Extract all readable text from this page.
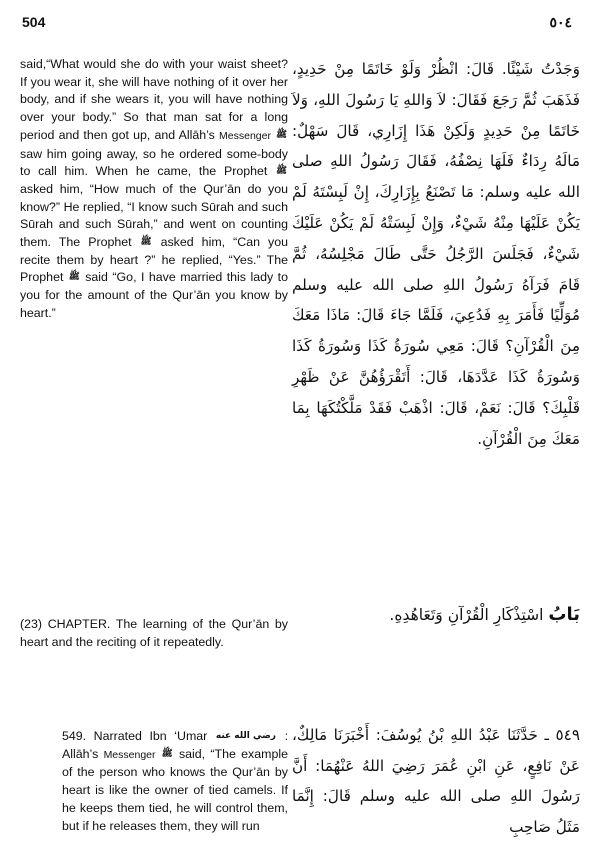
504	٥٠٤
said,“What would she do with your waist sheet? If you wear it, she will have nothing of it over her body, and if she wears it, you will have nothing over your body.” So that man sat for a long period and then got up, and Allāh’s Messenger ﷺ saw him going away, so he ordered some-body to call him. When he came, the Prophet ﷺ asked him, “How much of the Qur’ān do you know?” He replied, “I know such Sūrah and such Sūrah and such Sūrah,” and went on counting them. The Prophet ﷺ asked him, “Can you recite them by heart ?” he replied, “Yes.” The Prophet ﷺ said “Go, I have married this lady to you for the amount of the Qur’ān you know by heart.”
وَجَدْتُ شَيْئًا. قَالَ: انْظُرْ وَلَوْ خَاتَمًا مِنْ حَدِيدٍ، فَذَهَبَ ثُمَّ رَجَعَ فَقَالَ: لاَ وَاللهِ يَا رَسُولَ اللهِ، وَلاَ خَاتَمًا مِنْ حَدِيدٍ وَلَكِنْ هَذَا إِزَارِي، قَالَ سَهْلٌ: مَالَهُ رِدَاءٌ فَلَهَا نِصْفُهُ، فَقَالَ رَسُولُ اللهِ صلى الله عليه وسلم: مَا تَصْنَعُ بِإِزَارِكَ، إِنْ لَبِسْتَهُ لَمْ يَكُنْ عَلَيْهَا مِنْهُ شَيْءٌ، وَإِنْ لَبِسَتْهُ لَمْ يَكُنْ عَلَيْكَ شَيْءٌ، فَجَلَسَ الرَّجُلُ حَتَّى طَالَ مَجْلِسُهُ، ثُمَّ قَامَ فَرَآهُ رَسُولُ اللهِ صلى الله عليه وسلم مُوَلِّيًا فَأَمَرَ بِهِ فَدُعِيَ، فَلَمَّا جَاءَ قَالَ: مَاذَا مَعَكَ مِنَ الْقُرْآنِ؟ قَالَ: مَعِي سُورَةُ كَذَا وَسُورَةُ كَذَا وَسُورَةُ كَذَا عَدَّدَهَا، قَالَ: أَتَقْرَؤُهُنَّ عَنْ ظَهْرِ قَلْبِكَ؟ قَالَ: نَعَمْ، قَالَ: اذْهَبْ فَقَدْ مَلَّكْتُكَهَا بِمَا مَعَكَ مِنَ الْقُرْآنِ.
(23) CHAPTER. The learning of the Qur’ān by heart and the reciting of it repeatedly.
بَابُ اسْتِذْكَارِ الْقُرْآنِ وَتَعَاهُدِهِ.
549. Narrated Ibn ‘Umar رضي الله عنه : Allāh’s Messenger ﷺ said, “The example of the person who knows the Qur’ān by heart is like the owner of tied camels. If he keeps them tied, he will control them, but if he releases them, they will run
٥٤٩ ـ حَدَّثَنَا عَبْدُ اللهِ بْنُ يُوسُفَ: أَخْبَرَنَا مَالِكٌ، عَنْ نَافِعٍ، عَنِ ابْنِ عُمَرَ رَضِيَ اللهُ عَنْهُمَا: أَنَّ رَسُولَ اللهِ صلى الله عليه وسلم قَالَ: إِنَّمَا مَثَلُ صَاحِبِ
